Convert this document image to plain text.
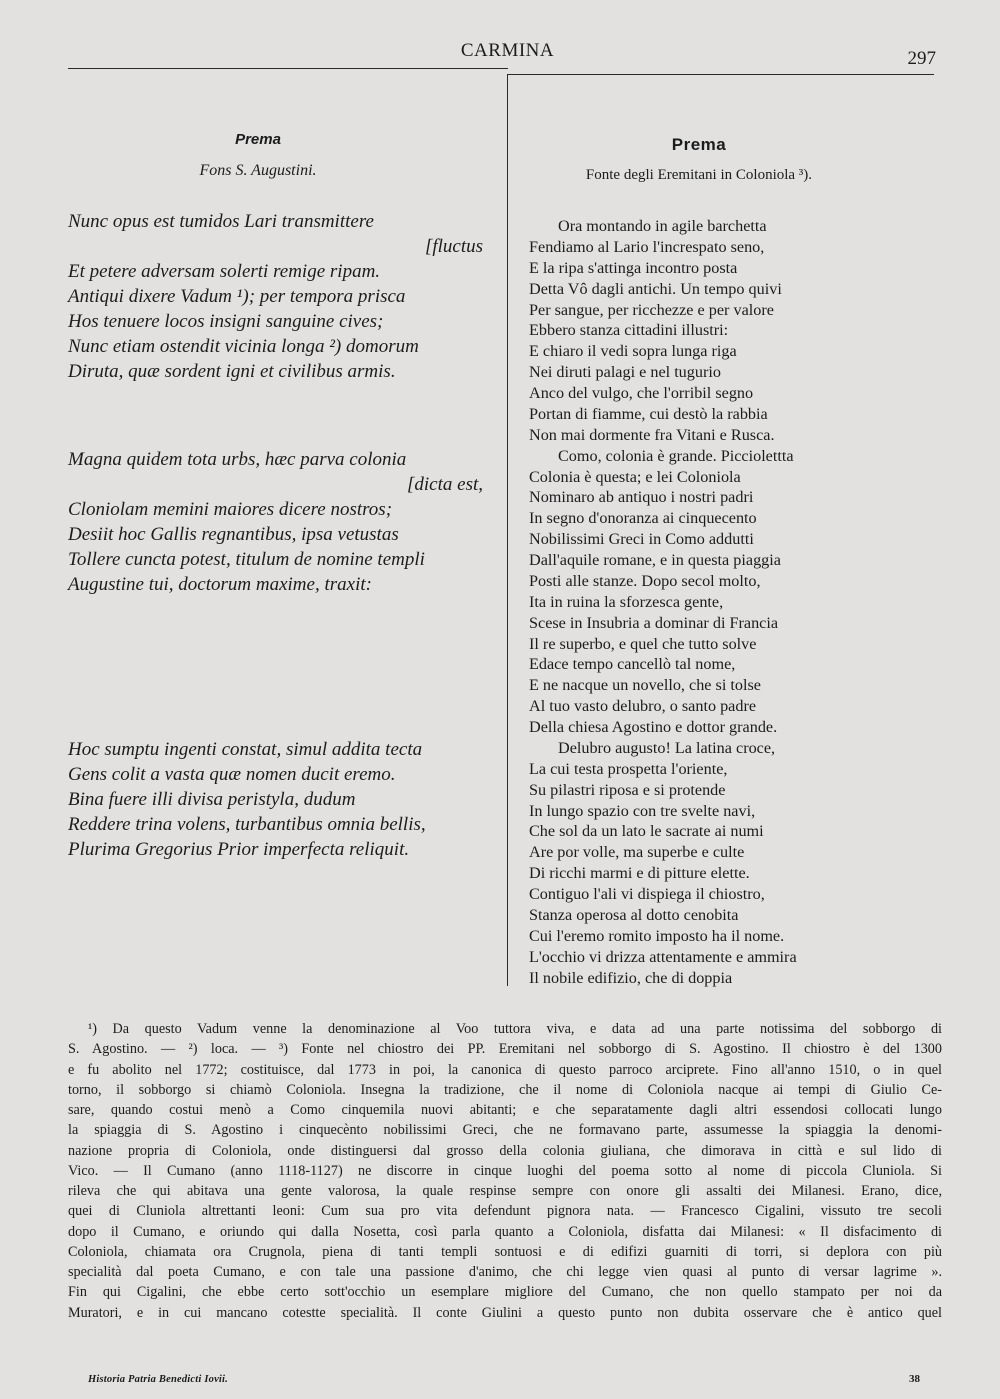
CARMINA	297
Prema
Fons S. Augustini.
Nunc opus est tumidos Lari transmittere
[fluctus
Et petere adversam solerti remige ripam.
Antiqui dixere Vadum ¹); per tempora prisca
Hos tenuere locos insigni sanguine cives;
Nunc etiam ostendit vicinia longa ²) domorum
Diruta, quæ sordent igni et civilibus armis.
Magna quidem tota urbs, hæc parva colonia
[dicta est,
Cloniolam memini maiores dicere nostros;
Desiit hoc Gallis regnantibus, ipsa vetustas
Tollere cuncta potest, titulum de nomine templi
Augustine tui, doctorum maxime, traxit:
Hoc sumptu ingenti constat, simul addita tecta
Gens colit a vasta quæ nomen ducit eremo.
Bina fuere illi divisa peristyla, dudum
Reddere trina volens, turbantibus omnia bellis,
Plurima Gregorius Prior imperfecta reliquit.
Prema
Fonte degli Eremitani in Coloniola ³).
Ora montando in agile barchetta
Fendiamo al Lario l'increspato seno,
E la ripa s'attinga incontro posta
Detta Vô dagli antichi. Un tempo quivi
Per sangue, per ricchezze e per valore
Ebbero stanza cittadini illustri:
E chiaro il vedi sopra lunga riga
Nei diruti palagi e nel tugurio
Anco del vulgo, che l'orribil segno
Portan di fiamme, cui destò la rabbia
Non mai dormente fra Vitani e Rusca.
Como, colonia è grande. Picciolettta
Colonia è questa; e lei Coloniola
Nominaro ab antiquo i nostri padri
In segno d'onoranza ai cinquecento
Nobilissimi Greci in Como addutti
Dall'aquile romane, e in questa piaggia
Posti alle stanze. Dopo secol molto,
Ita in ruina la sforzesca gente,
Scese in Insubria a dominar di Francia
Il re superbo, e quel che tutto solve
Edace tempo cancellò tal nome,
E ne nacque un novello, che si tolse
Al tuo vasto delubro, o santo padre
Della chiesa Agostino e dottor grande.
Delubro augusto! La latina croce,
La cui testa prospetta l'oriente,
Su pilastri riposa e si protende
In lungo spazio con tre svelte navi,
Che sol da un lato le sacrate ai numi
Are por volle, ma superbe e culte
Di ricchi marmi e di pitture elette.
Contiguo l'ali vi dispiega il chiostro,
Stanza operosa al dotto cenobita
Cui l'eremo romito imposto ha il nome.
L'occhio vi drizza attentamente e ammira
Il nobile edifizio, che di doppia
¹) Da questo Vadum venne la denominazione al Voo tuttora viva, e data ad una parte notissima del sobborgo di
S. Agostino. — ²) loca. — ³) Fonte nel chiostro dei PP. Eremitani nel sobborgo di S. Agostino. Il chiostro è del 1300
e fu abolito nel 1772; costituisce, dal 1773 in poi, la canonica di questo parroco arciprete. Fino all'anno 1510, o in quel
torno, il sobborgo si chiamò Coloniola. Insegna la tradizione, che il nome di Coloniola nacque ai tempi di Giulio Ce-
sare, quando costui menò a Como cinquemila nuovi abitanti; e che separatamente dagli altri essendosi collocati lungo
la spiaggia di S. Agostino i cinquecènto nobilissimi Greci, che ne formavano parte, assumesse la spiaggia la denomi-
nazione propria di Coloniola, onde distinguersi dal grosso della colonia giuliana, che dimorava in città e sul lido di
Vico. — Il Cumano (anno 1118-1127) ne discorre in cinque luoghi del poema sotto al nome di piccola Cluniola. Si
rileva che qui abitava una gente valorosa, la quale respinse sempre con onore gli assalti dei Milanesi. Erano, dice,
quei di Cluniola altrettanti leoni: Cum sua pro vita defendunt pignora nata. — Francesco Cigalini, vissuto tre secoli
dopo il Cumano, e oriundo qui dalla Nosetta, così parla quanto a Coloniola, disfatta dai Milanesi: « Il disfacimento di
Coloniola, chiamata ora Crugnola, piena di tanti templi sontuosi e di edifizi guarniti di torri, si deplora con più
specialità dal poeta Cumano, e con tale una passione d'animo, che chi legge vien quasi al punto di versar lagrime ».
Fin qui Cigalini, che ebbe certo sott'occhio un esemplare migliore del Cumano, che non quello stampato per noi da
Muratori, e in cui mancano cotestte specialità. Il conte Giulini a questo punto non dubita osservare che è antico quel
Historia Patria Benedicti Iovii.	38
